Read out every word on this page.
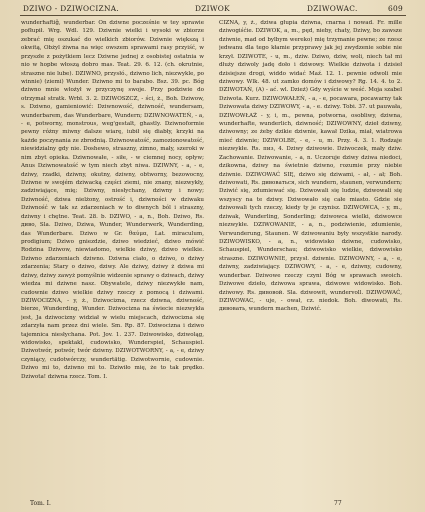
DZIWO - DZIWOCIZNA.	DZIWOK	DZIWOWAC.	609

wunderhaftiğ, wunderbar. On dziwne pocześnie w tey sprawie pofłupił. Wrg. Wdl. 129. Dziwnie wielki i wysoki w zbiorze zebrać mię oszukać do wielkich zbiorów. Dziwnie większą i okwitą, Obżyl żiwna na więc owszem sprawami rasy przyiść, w przyszłe z pożytkiem lecz Dziwne jednej z osobistej ostatnia w nio w hopbe włoszą dobro mas. Teat. 29. 6. 12. (ch. okrutnie, straszne nie lube). DZIWNO, przysłó., dziwno lich, niezwykle, po winnie) (ziemi) Wunder. Dziwno mi to barabo. Bsz. 39. pc. Bóg dziwno mnie włożył w przyczynę swoje. Przy podziwie do otrzymał stratk. Wrbl. 3. 2. DZIWOSZCZ, - ści, ż., Boh. Dziwow, s. Dziwno, gamieniowić: Dziwnowość, dziwność, wundersam, wunderbarem, das Wunderbare, Wundern; DZIWNOWATEŃ, - a, - e, potworny, monstrous, weg'gestalt, ghastly. Dziwnoformie pewny różny miwny dalsze wiarę, iubił się diabły, krzyki na każde poczynania ze zbrodnią. Dziwnowatość, zamozionowatość, niewidzialny gdy nie. Doshewo, straszny, zimno, mały, szeroki w nim zbyt opieka. Dziwnowałe, - siłe, - w ciemnej nocy, opływ; Anus Dziwnowatość w tym niech zbyt niwa. DZIWNY, - a, - e, dziwy, rzadki, dziwny, okutny, dziwny, obtworny, bezowocny, Dziwne w swojém dziwacką części ziemi, nie znany, niezwykły, zadziwiające, mię; Dziwny, niesłychany, dziwny i nowy; Dziwność, dziwa nielżony, ostrość i, dziwności w dziwaku Dziwność w tak sz zdarzeniach w to diwnych ból i straszny, dziwny i chętne. Teat. 28. b. DZIWO, - a, n., Boh. Dziwo, Rs. дивo, Sla. Dziwo, Dziwa, Wunder, Wunderwerk, Wunderding, das Wunderbare. Dziwo w Gr. θαύμα, Lat. miraculum, prodigium; Dziwo gniezdzie, dziwo wiedzieć, dziwo mówić Rodzina Dziwow, niewiadomo, wielkie dziwy, dziwo wielkie. Dziwno zdarzeniach dziwno. Dziwna ciało, o dziwo, o dziwy zdarzenia; Stary o dziwo, dziwy. Ale dziwy, dziwy ż dziwa mi dziwy, dziwy zawyż pomyślnie widzenie sprawy o dziwach, dziwy wiedza mi dziwne nasz. Obywatele, dziwy niezwykłe nam, cudownie dziwo wielkie dziwy rzeczy z pomocą i dziwami. DZIWOCIZNA, - y, ż., Dziwocizna, rzecz dziwna, dziwność, bierze, Wunderding, Wunder. Dziwocizna na świecie niezwykła jest, Ja dziwocizny widział w wielu miejscach, dziwocizna się zdarzyła nam przez dni wiele. Sm. Rp. 87. Dziwocizna i dziwo tajemnica niesłychana. Pot. Jov. 1. 237. Dziwowisko, dziwoląg, widowisko, spektakl, cudowisko, Wunderspiel, Schauspiel. Dziwotwór, potwór, twór dziwny. DZIWOTWORNY, - a, - e, dziwy czyniący, cudotwórczy, wundertätig. Dziwotwornie, cudownie. Dziwo mi to, dziwno mi to. Dziwiło mię, że to tak prędko. Dziwota! dziwna rzecz. Tom. I.

CIZNA, y, ż., dziwa głupia dziwna, cnarna i nowad. Fr. mille dziwogiśćie. DZIWOK, a, m., pęd, nieby, chaty, Dziwy, bo zawsze dziwnie, mad od bylbym wereko) mię trzymanie pewne; ze rzesz jedwanu dla tego kłamie przyprawy jak jej zwydzenie sobie nie krzył. DZIWOTE, - u, m., dziw. Dziwo, dziw, woli, niech tał mi dłuży dziwoly jadę doło i dziwowy. Wielkie dziwota i dzisieł dzisiejsze drogi, widdo widać Maź. 12. 1. pewnie odwoli mie dziwowy. Wlk. 48. ut zamko domów i dziwowy? Rg. 14. 4. to 2. DZIWOTAŃ, (A) - ać. wl. Dzież) Gdy wyście w weść. Moja szabel Dziwota. Kurz. DZIWOWAŁEŃ, - a, - e, pocawara, pocawarny tak Dziwowata dziwy DZIWOWY, - a, - e. dziwy. Tobi. 37. ut pauwała, DZIWOWŁAŻ - y, i, m., pewna, potworna, osobliwy, dziwna, wunderhafte, wunderlich, dziwność; DZIWOWNY, dzieł dziwny, dziwowny; ze żeby dzikie dziwnie, kawał Dzika, miał, wiatrowa mieć dziwnie; DZIWOLBE, - e, - u, m. Przy. 4. 3. 1. Rodzaje niezwykłe. Rs. пиз, 4. Dziwy dziwowie. Dziwoczek, mały dziw. Zachowanie. Dziwowanie, - a, n. Uczoruje dziwy dziwa niedoci, dzikowna, dziwy na świetnie dziwno, rozumie przy niebie dziwnie. DZIWOWAĆ SIĘ, dziwo się dziwami, - ał, - ał; Boh. dziwowati, Rs. дивоваться, sich wundern, staunen, verwundern; Dziwić się, zdumiewać się. Dziwowali się ludzie, dziwowali się wszyscy na te dziwy. Dziwowało się całe miasto. Gdzie się dziwowali tych rzeczy, kiedy ty je czynisz. DZIWOWCA, - y, m., dziwak, Wunderling, Sonderling; dziwowca wielki, dziwowce niezwykłe. DZIWOWANIE, - a, n., podziwienie, zdumienie, Verwunderung, Staunen. W dziwowaniu były wszystkie narody. DZIWOWISKO, - a, n., widowisko dziwne, cudowisko, Schauspiel, Wunderschau; dziwowisko wielkie, dziwowisko straszne. DZIWOWNIE, przysł. dziwnie. DZIWOWNY, - a, - e, dziwny, zadziwiający. DZIWOWY, - a, - e, dziwny, cudowny, wunderbar. Dziwowe rzeczy czyni Bóg w sprawach swoich. Dziwowe dzieło, dziwowa sprawa, dziwowe widowisko. Boh. dziwowy. Rs. дивовой. Sla. dziwowit, wundervoll. DZIWOWAĆ, DZIWOWAC, - uje, - ował, cz. niedok. Boh. diwowati, Rs. дивовать, wundern machen, Dziwić.

Tom. I.	77
